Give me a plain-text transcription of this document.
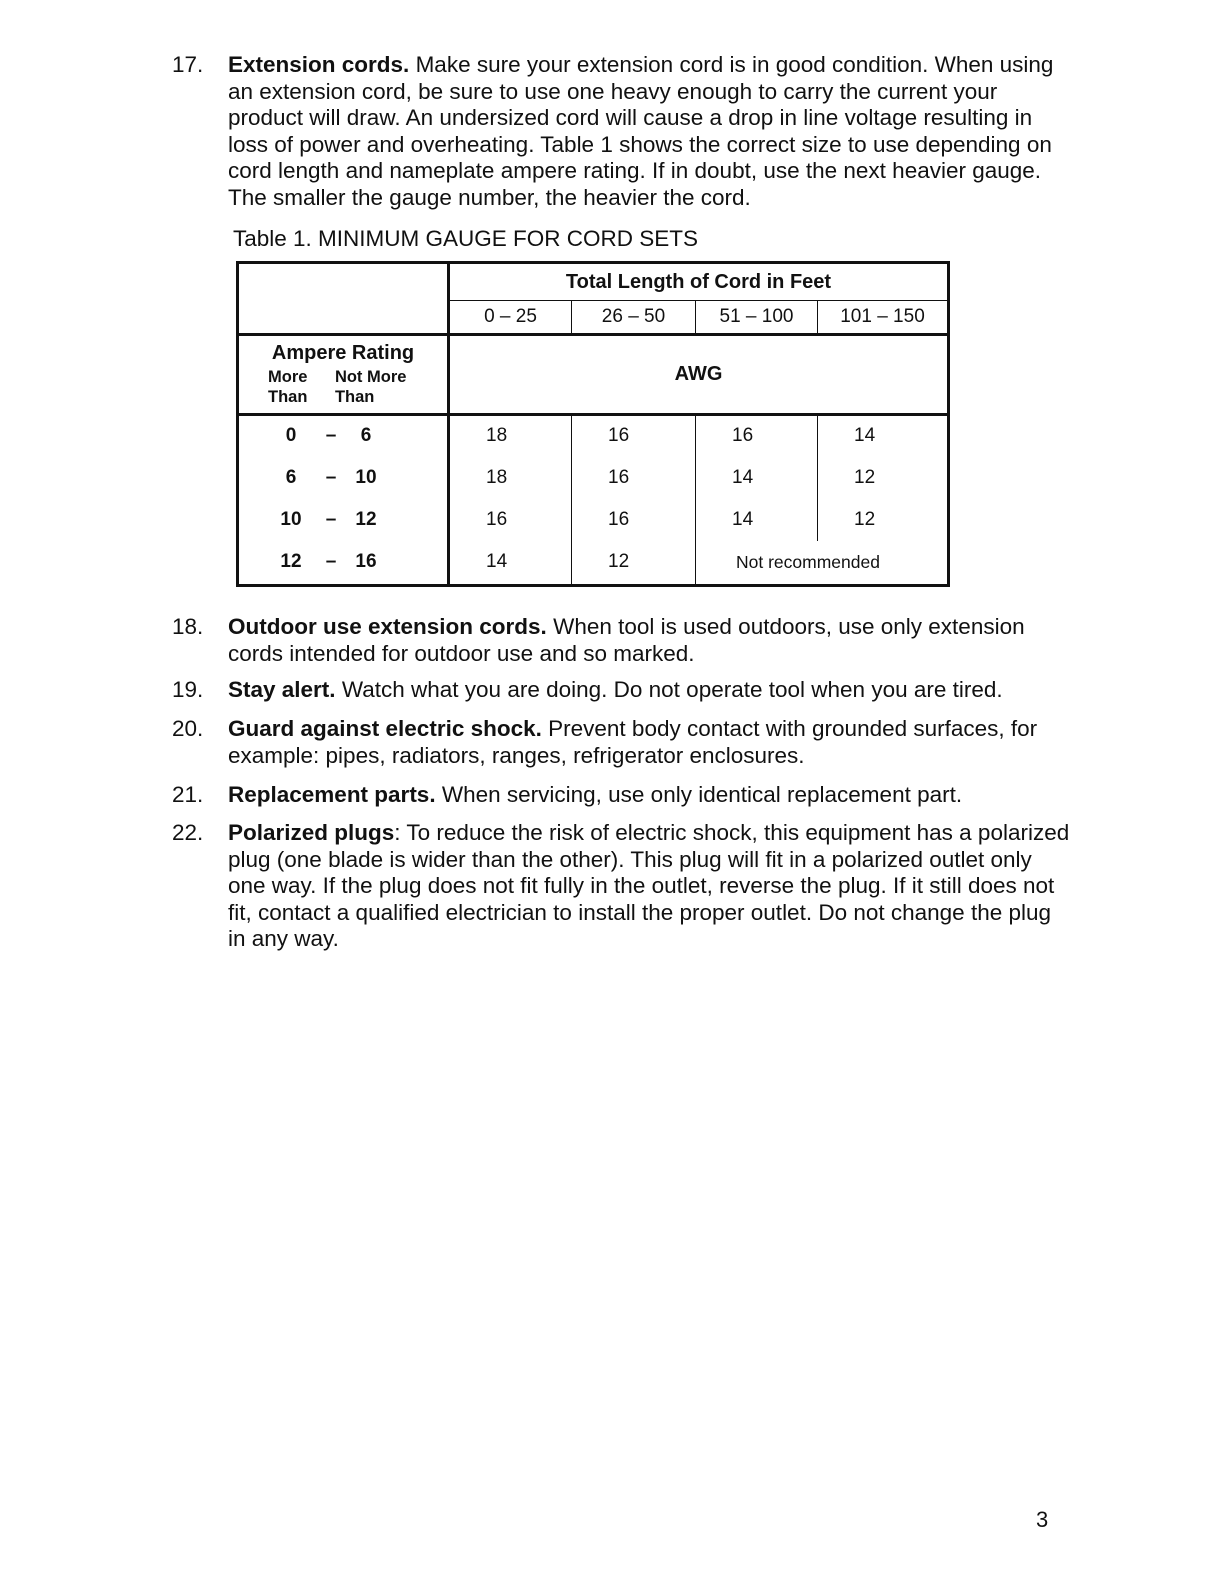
17. Extension cords. Make sure your extension cord is in good condition. When using an extension cord, be sure to use one heavy enough to carry the current your product will draw. An undersized cord will cause a drop in line voltage resulting in loss of power and overheating. Table 1 shows the correct size to use depending on cord length and nameplate ampere rating. If in doubt, use the next heavier gauge. The smaller the gauge number, the heavier the cord.
Table 1. MINIMUM GAUGE FOR CORD SETS
	Total Length of Cord in Feet			
	0 – 25	26 – 50	51 – 100	101 – 150

Ampere Rating
More Than
Not More Than	AWG			
0 – 6	18	16	16	14
6 – 10	18	16	14	12
10 – 12	16	16	14	12
12 – 16	14	12	Not recommended	
18. Outdoor use extension cords. When tool is used outdoors, use only extension cords intended for outdoor use and so marked.
19. Stay alert. Watch what you are doing. Do not operate tool when you are tired.
20. Guard against electric shock. Prevent body contact with grounded surfaces, for example: pipes, radiators, ranges, refrigerator enclosures.
21. Replacement parts. When servicing, use only identical replacement part.
22. Polarized plugs: To reduce the risk of electric shock, this equipment has a polarized plug (one blade is wider than the other). This plug will fit in a polarized outlet only one way. If the plug does not fit fully in the outlet, reverse the plug. If it still does not fit, contact a qualified electrician to install the proper outlet. Do not change the plug in any way.
3
